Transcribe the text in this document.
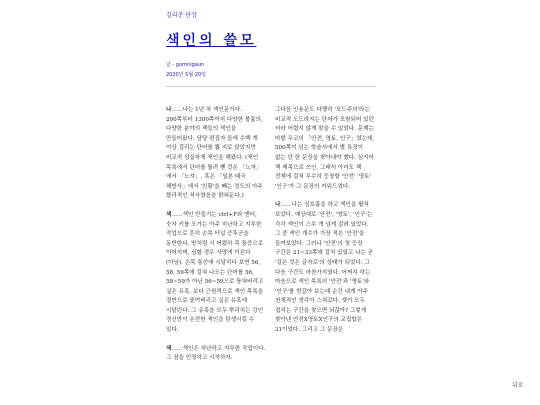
김리준 단상
색인의 쓸모
글 - gumnigaun
2020년 5월 20일

나……나는 1년 차 색인문이다. 200쪽부터 1300쪽까지 다양한 볼륨의, 다양한 분야의 책들의 색인을 만들어왔다. 담당 편집자 들에 수백 개 이상 걸리는 단어를 뽑 지로 앉았지만 비교적 성실하게 색인을 해왔다. (색인 목록에서 단어를 틀려 뺀 것은 「노자」에서 「노자」, 혹은 「일본 태국 해방사」에서 '친황'을 빼는 정도의 아주 합리적인 처사였음을 밝혀둔다.)

색……색인 만들기는 ctrl+F와 엔터, 숫자 키를 오가는 아주 지난하고 지루한 작업으로 흔히 손목 터널 증후군을 동반한다. 방처럼 시 어렵하 목 통증으로 이어지며, 심할 경우 사망에 이른다(아님). 손목 통증에 시달리다 보면 56, 58, 59쪽에 걸쳐 나오는 단어를 56, 58~59가 아닌 56~59으로 퉁쳐버리고 싶은 유혹, 보다 근원적으로 색인 목록을 절반으로 줄여버리고 싶은 유혹에 시달린다. 그 유혹을 모두 뿌리치는 강인 정신만이 온전한 색인을 탄생시킬 수 있다.

색……색인은 지난하고 지루한 작업이다. 그 점을 인정하고 시작하자.

그다음 인용문도 다행히 '포드주의'라는 비교적 도드라지는 단어가 포함되어 있던 터라 어렵지 않게 찾을 수 있었다. 문제는 마밭 무코의 「안전, 영토, 인구」였는데, 500쪽이 넘는 학술서에서 별 특징이 없는 단 한 문장을 찾아내야 했다. 심지어 책 제목으로 쓰인, 그래서 아마도 책 전체에 걸쳐 무수히 등장할 '안전' '영토' '인구'가 그 문장의 키워드였다.

나……나는 심호흡을 하고 색인을 펼쳐 보았다. 예상대로 '안전', '영토', '인구'는 각각 색인이 스무 개 넘게 걸려 있었다. 그 중 색인 개수가 가장 적은 '안전'을 들여보았다. 그러나 '안전'의 첫 등장 구간은 21~33쪽에 걸쳐 있었고 나는 곧 '길은 것은 글자로'의 상태가 되었다. 그 다음 구간도 마찬가지였다. 어쩌지 하는 마음으로 색인 목록의 '안전'과 '영토'와 '인구'를 번갈아 보는데 순간 내게 아주 천재적인 생각이 스쳐갔다. 셋이 모두 겹치는 구간을 찾으면 되잖아? 그렇게 찾아낸 안전X영토X인구의 교집합은 31이었다. 그리고 그 문장은

뒤로
